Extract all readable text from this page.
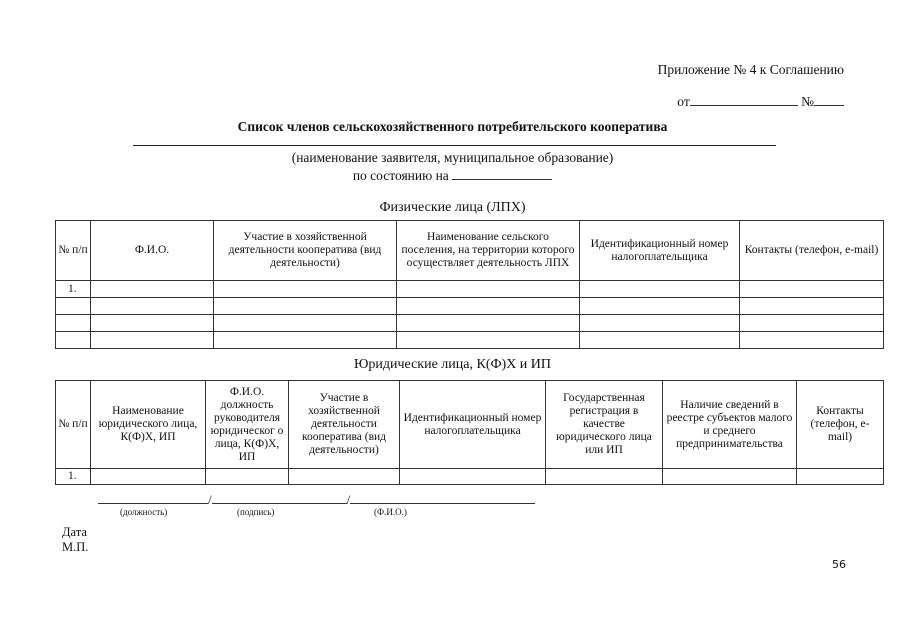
Приложение № 4 к Соглашению
от	№
Список членов сельскохозяйственного потребительского кооператива
(наименование заявителя, муниципальное образование)
по состоянию на
Физические лица (ЛПХ)
№ п/п	Ф.И.О.	Участие в хозяйственной деятельности кооператива (вид деятельности)	Наименование сельского поселения, на территории которого осуществляет деятельность ЛПХ	Идентификационный номер налогоплательщика	Контакты (телефон, e-mail)
1.					

Юридические лица, К(Ф)Х и ИП
№ п/п	Наименование юридического лица, К(Ф)Х, ИП	Ф.И.О. должность руководителя юридическог о лица, К(Ф)Х, ИП	Участие в хозяйственной деятельности кооператива (вид деятельности)	Идентификационный номер налогоплательщика	Государственная регистрация в качестве юридического лица или ИП	Наличие сведений в реестре субъектов малого и среднего предпринимательства	Контакты (телефон, e-mail)
1.							
/	/
(должность)	(подпись)	(Ф.И.О.)
Дата
М.П.
56
